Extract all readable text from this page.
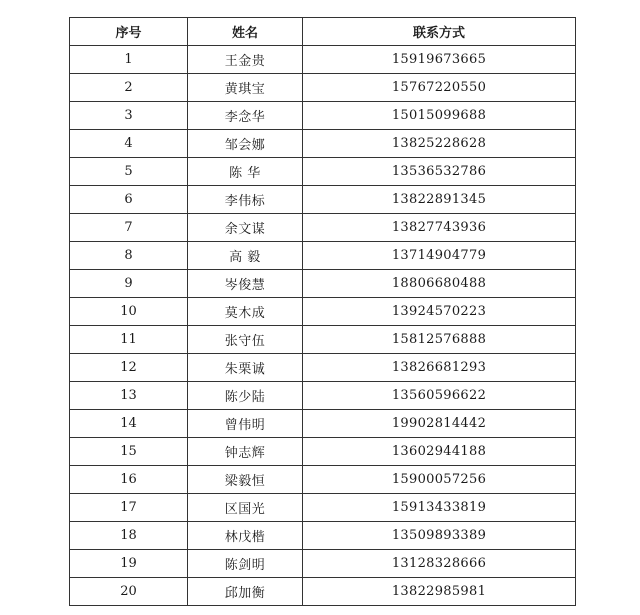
序号	姓名	联系方式
1	王金贵	15919673665
2	黄琪宝	15767220550
3	李念华	15015099688
4	邹会娜	13825228628
5	陈 华	13536532786
6	李伟标	13822891345
7	余文谋	13827743936
8	高 毅	13714904779
9	岑俊慧	18806680488
10	莫木成	13924570223
11	张守伍	15812576888
12	朱栗诚	13826681293
13	陈少陆	13560596622
14	曾伟明	19902814442
15	钟志辉	13602944188
16	梁毅恒	15900057256
17	区国光	15913433819
18	林戊楷	13509893389
19	陈剑明	13128328666
20	邱加衡	13822985981
